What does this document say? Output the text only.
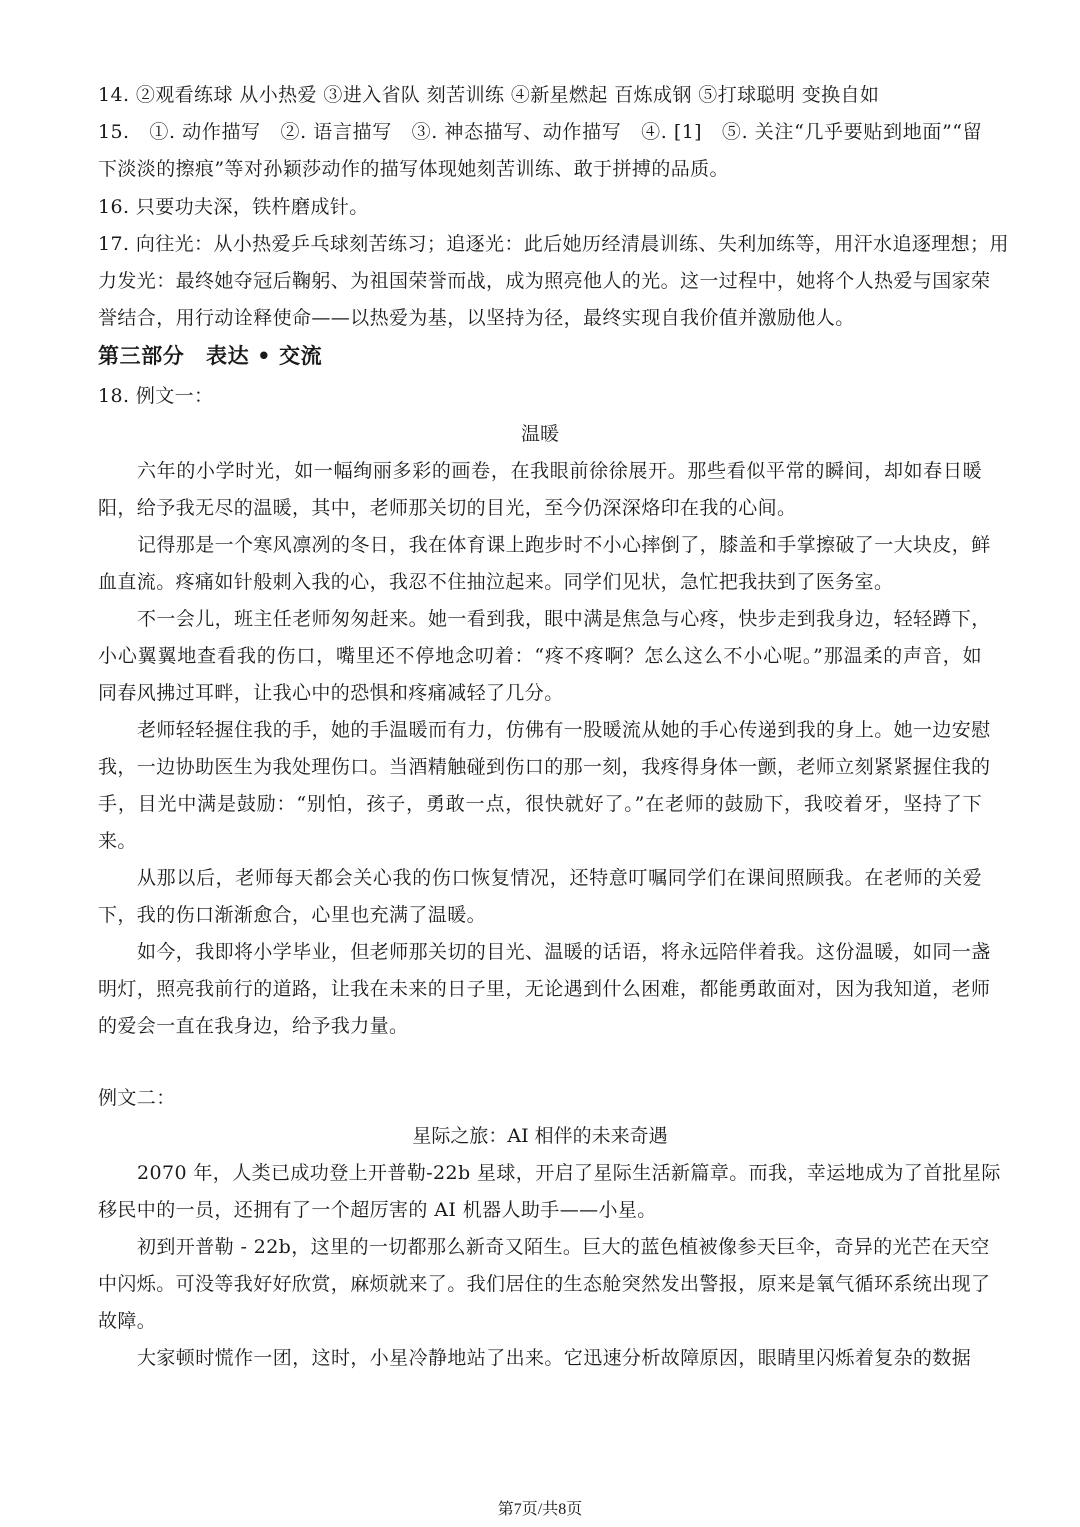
14. ②观看练球 从小热爱 ③进入省队 刻苦训练 ④新星燃起 百炼成钢 ⑤打球聪明 变换自如
15.　①. 动作描写　②. 语言描写　③. 神态描写、动作描写　④. [1]　⑤. 关注“几乎要贴到地面”“留
下淡淡的擦痕”等对孙颖莎动作的描写体现她刻苦训练、敢于拼搏的品质。
16. 只要功夫深，铁杵磨成针。
17. 向往光：从小热爱乒乓球刻苦练习；追逐光：此后她历经清晨训练、失利加练等，用汗水追逐理想；用
力发光：最终她夺冠后鞠躬、为祖国荣誉而战，成为照亮他人的光。这一过程中，她将个人热爱与国家荣
誉结合，用行动诠释使命——以热爱为基，以坚持为径，最终实现自我价值并激励他人。
第三部分　表达 • 交流
18. 例文一：
温暖
六年的小学时光，如一幅绚丽多彩的画卷，在我眼前徐徐展开。那些看似平常的瞬间，却如春日暖
阳，给予我无尽的温暖，其中，老师那关切的目光，至今仍深深烙印在我的心间。
记得那是一个寒风凛冽的冬日，我在体育课上跑步时不小心摔倒了，膝盖和手掌擦破了一大块皮，鲜
血直流。疼痛如针般刺入我的心，我忍不住抽泣起来。同学们见状，急忙把我扶到了医务室。
不一会儿，班主任老师匆匆赶来。她一看到我，眼中满是焦急与心疼，快步走到我身边，轻轻蹲下，
小心翼翼地查看我的伤口，嘴里还不停地念叨着：“疼不疼啊？怎么这么不小心呢。”那温柔的声音，如
同春风拂过耳畔，让我心中的恐惧和疼痛减轻了几分。
老师轻轻握住我的手，她的手温暖而有力，仿佛有一股暖流从她的手心传递到我的身上。她一边安慰
我，一边协助医生为我处理伤口。当酒精触碰到伤口的那一刻，我疼得身体一颤，老师立刻紧紧握住我的
手，目光中满是鼓励：“别怕，孩子，勇敢一点，很快就好了。”在老师的鼓励下，我咬着牙，坚持了下
来。
从那以后，老师每天都会关心我的伤口恢复情况，还特意叮嘱同学们在课间照顾我。在老师的关爱
下，我的伤口渐渐愈合，心里也充满了温暖。
如今，我即将小学毕业，但老师那关切的目光、温暖的话语，将永远陪伴着我。这份温暖，如同一盏
明灯，照亮我前行的道路，让我在未来的日子里，无论遇到什么困难，都能勇敢面对，因为我知道，老师
的爱会一直在我身边，给予我力量。
例文二：
星际之旅：AI 相伴的未来奇遇
2070 年，人类已成功登上开普勒-22b 星球，开启了星际生活新篇章。而我，幸运地成为了首批星际
移民中的一员，还拥有了一个超厉害的 AI 机器人助手——小星。
初到开普勒 - 22b，这里的一切都那么新奇又陌生。巨大的蓝色植被像参天巨伞，奇异的光芒在天空
中闪烁。可没等我好好欣赏，麻烦就来了。我们居住的生态舱突然发出警报，原来是氧气循环系统出现了
故障。
大家顿时慌作一团，这时，小星冷静地站了出来。它迅速分析故障原因，眼睛里闪烁着复杂的数据
第7页/共8页
